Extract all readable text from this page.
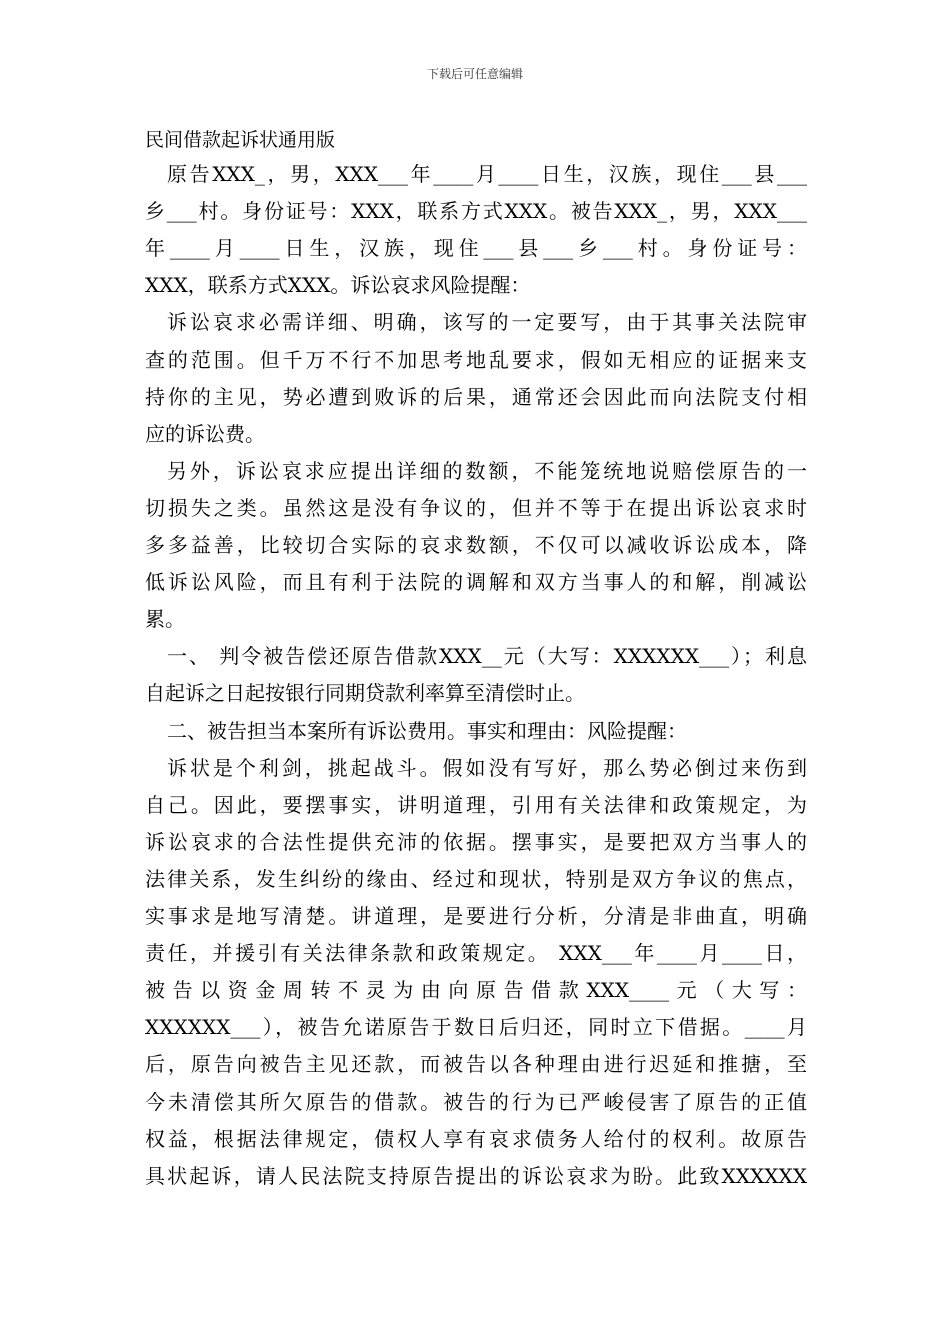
下载后可任意编辑
民间借款起诉状通用版
原告XXX_，男，XXX___年____月____日生，汉族，现住___县___
乡___村。身份证号：XXX，联系方式XXX。被告XXX_，男，XXX___
年____月____日生，汉族，现住___县___乡___村。身份证号：
XXX，联系方式XXX。诉讼哀求风险提醒：
诉讼哀求必需详细、明确，该写的一定要写，由于其事关法院审
查的范围。但千万不行不加思考地乱要求，假如无相应的证据来支
持你的主见，势必遭到败诉的后果，通常还会因此而向法院支付相
应的诉讼费。
另外，诉讼哀求应提出详细的数额，不能笼统地说赔偿原告的一
切损失之类。虽然这是没有争议的，但并不等于在提出诉讼哀求时
多多益善，比较切合实际的哀求数额，不仅可以减收诉讼成本，降
低诉讼风险，而且有利于法院的调解和双方当事人的和解，削减讼
累。
一、 判令被告偿还原告借款XXX__元（大写：XXXXXX___）；利息
自起诉之日起按银行同期贷款利率算至清偿时止。
二、被告担当本案所有诉讼费用。事实和理由：风险提醒：
诉状是个利剑，挑起战斗。假如没有写好，那么势必倒过来伤到
自己。因此，要摆事实，讲明道理，引用有关法律和政策规定，为
诉讼哀求的合法性提供充沛的依据。摆事实，是要把双方当事人的
法律关系，发生纠纷的缘由、经过和现状，特别是双方争议的焦点，
实事求是地写清楚。讲道理，是要进行分析，分清是非曲直，明确
责任，并援引有关法律条款和政策规定。 XXX___年____月____日，
被告以资金周转不灵为由向原告借款XXX____元（大写：
XXXXXX___），被告允诺原告于数日后归还，同时立下借据。____月
后，原告向被告主见还款，而被告以各种理由进行迟延和推搪，至
今未清偿其所欠原告的借款。被告的行为已严峻侵害了原告的正值
权益，根据法律规定，债权人享有哀求债务人给付的权利。故原告
具状起诉，请人民法院支持原告提出的诉讼哀求为盼。此致XXXXXX
